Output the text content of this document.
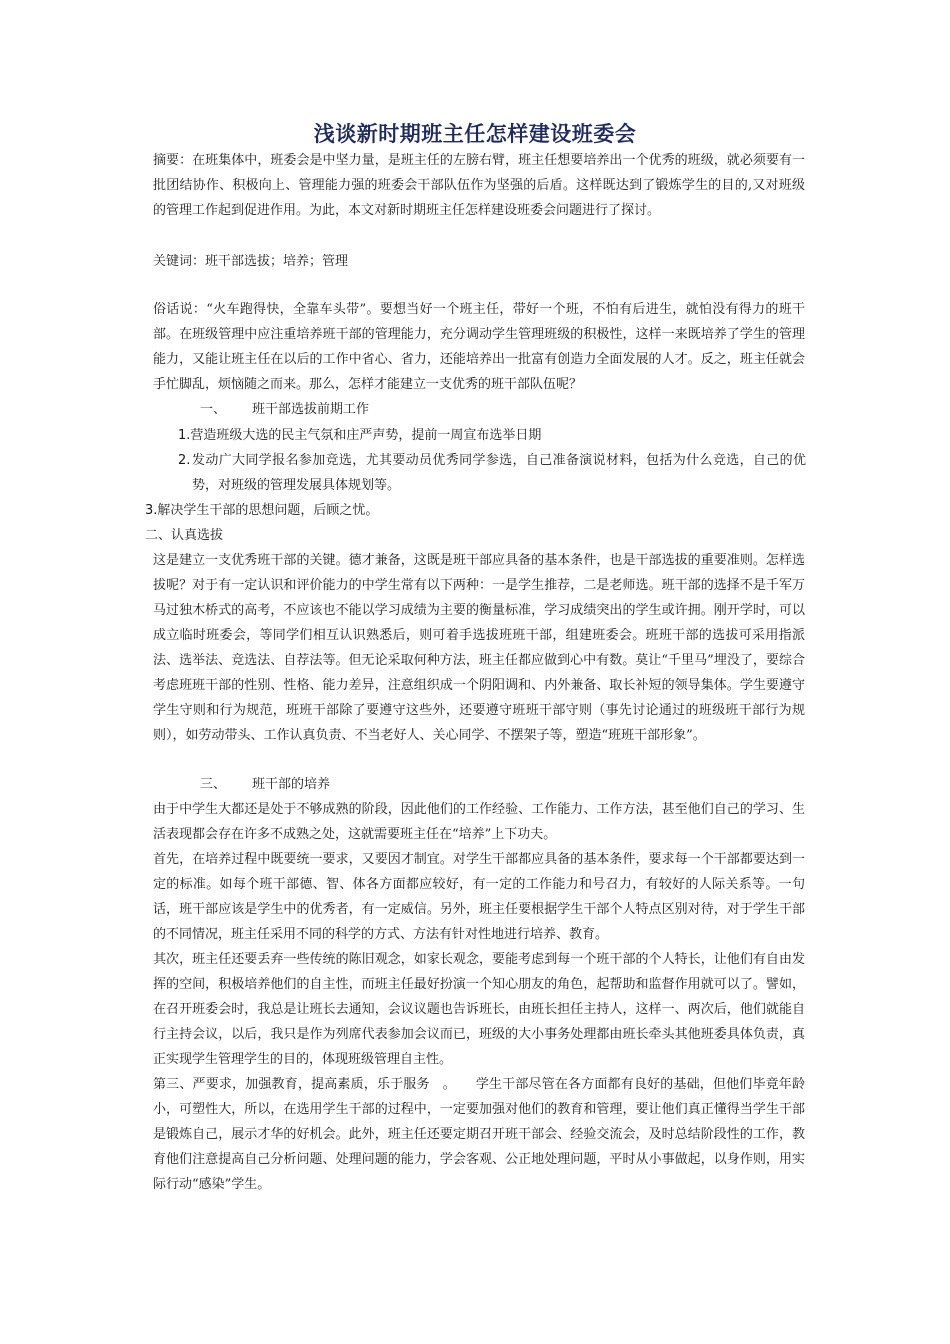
浅谈新时期班主任怎样建设班委会
摘要：在班集体中，班委会是中坚力量，是班主任的左膀右臂，班主任想要培养出一个优秀的班级，就必须要有一批团结协作、积极向上、管理能力强的班委会干部队伍作为坚强的后盾。这样既达到了锻炼学生的目的,又对班级的管理工作起到促进作用。为此，本文对新时期班主任怎样建设班委会问题进行了探讨。
关键词：班干部选拔；培养；管理
俗话说：“火车跑得快，全靠车头带”。要想当好一个班主任，带好一个班，不怕有后进生，就怕没有得力的班干部。在班级管理中应注重培养班干部的管理能力，充分调动学生管理班级的积极性，这样一来既培养了学生的管理能力，又能让班主任在以后的工作中省心、省力，还能培养出一批富有创造力全面发展的人才。反之，班主任就会手忙脚乱，烦恼随之而来。那么，怎样才能建立一支优秀的班干部队伍呢？
一、 班干部选拔前期工作
1.营造班级大选的民主气氛和庄严声势，提前一周宣布选举日期
2. 发动广大同学报名参加竞选，尤其要动员优秀同学参选，自己准备演说材料，包括为什么竞选，自己的优势，对班级的管理发展具体规划等。
3.解决学生干部的思想问题，后顾之忧。
二、认真选拔
这是建立一支优秀班干部的关键。德才兼备，这既是班干部应具备的基本条件，也是干部选拔的重要准则。怎样选拔呢？对于有一定认识和评价能力的中学生常有以下两种：一是学生推荐，二是老师选。班干部的选择不是千军万马过独木桥式的高考，不应该也不能以学习成绩为主要的衡量标准，学习成绩突出的学生或许拥。刚开学时，可以成立临时班委会，等同学们相互认识熟悉后，则可着手选拔班班干部，组建班委会。班班干部的选拔可采用指派法、选举法、竞选法、自荐法等。但无论采取何种方法，班主任都应做到心中有数。莫让“千里马”埋没了，要综合考虑班班干部的性别、性格、能力差异，注意组织成一个阴阳调和、内外兼备、取长补短的领导集体。学生要遵守学生守则和行为规范，班班干部除了要遵守这些外，还要遵守班班干部守则（事先讨论通过的班级班干部行为规则），如劳动带头、工作认真负责、不当老好人、关心同学、不摆架子等，塑造“班班干部形象”。
三、 班干部的培养
由于中学生大都还是处于不够成熟的阶段，因此他们的工作经验、工作能力、工作方法，甚至他们自己的学习、生活表现都会存在许多不成熟之处，这就需要班主任在“培养”上下功夫。
首先，在培养过程中既要统一要求，又要因才制宜。对学生干部都应具备的基本条件，要求每一个干部都要达到一定的标准。如每个班干部德、智、体各方面都应较好，有一定的工作能力和号召力，有较好的人际关系等。一句话，班干部应该是学生中的优秀者，有一定威信。另外，班主任要根据学生干部个人特点区别对待，对于学生干部的不同情况，班主任采用不同的科学的方式、方法有针对性地进行培养、教育。
其次，班主任还要丢弃一些传统的陈旧观念，如家长观念，要能考虑到每一个班干部的个人特长，让他们有自由发挥的空间，积极培养他们的自主性，而班主任最好扮演一个知心朋友的角色，起帮助和监督作用就可以了。譬如，在召开班委会时，我总是让班长去通知，会议议题也告诉班长，由班长担任主持人，这样一、两次后，他们就能自行主持会议，以后，我只是作为列席代表参加会议而已，班级的大小事务处理都由班长牵头其他班委具体负责，真正实现学生管理学生的目的，体现班级管理自主性。
第三、严要求，加强教育，提高素质，乐于服务　。　　学生干部尽管在各方面都有良好的基础，但他们毕竟年龄小，可塑性大，所以，在选用学生干部的过程中，一定要加强对他们的教育和管理，要让他们真正懂得当学生干部是锻炼自己，展示才华的好机会。此外，班主任还要定期召开班干部会、经验交流会，及时总结阶段性的工作，教育他们注意提高自己分析问题、处理问题的能力，学会客观、公正地处理问题，平时从小事做起，以身作则，用实际行动“感染”学生。
